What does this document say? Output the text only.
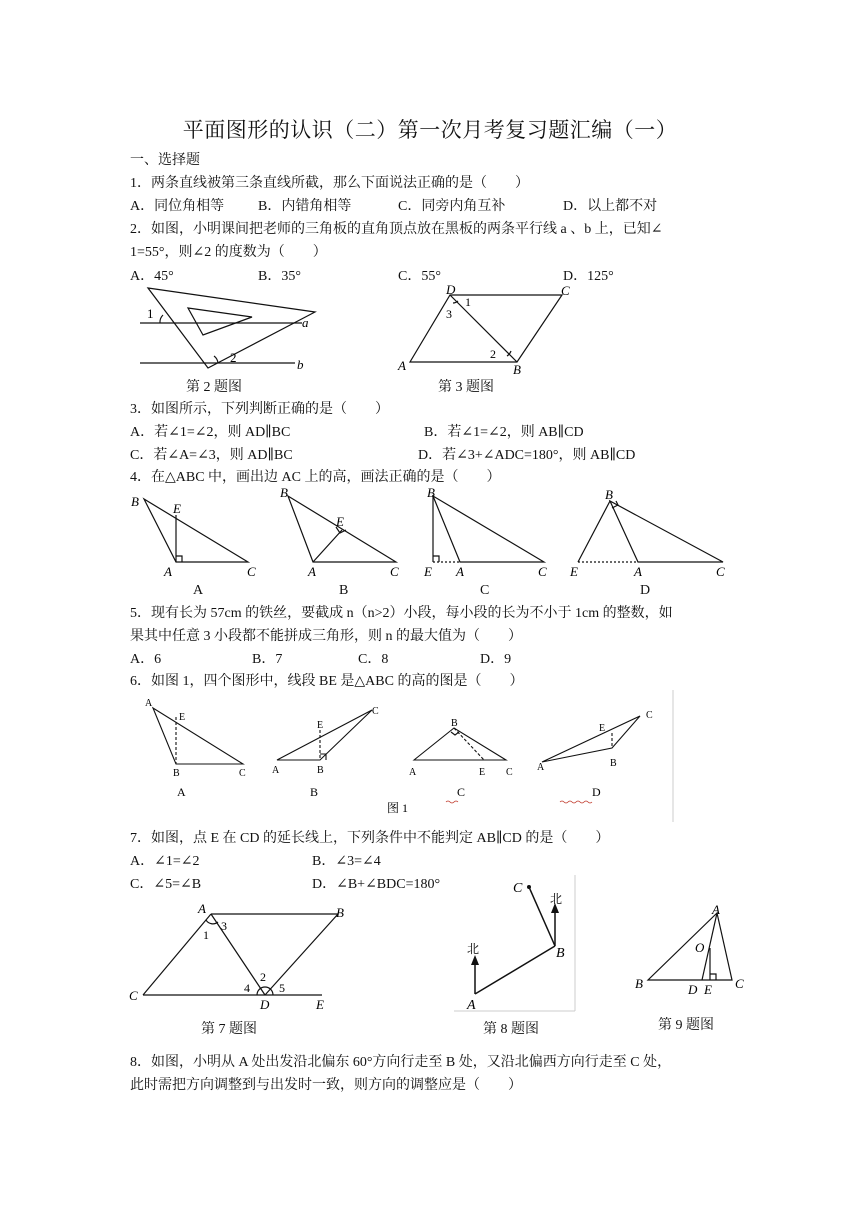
平面图形的认识（二）第一次月考复习题汇编（一）
一、选择题
1．两条直线被第三条直线所截，那么下面说法正确的是（　　）
A．同位角相等 B．内错角相等	C．同旁内角互补	D．以上都不对
2．如图，小明课间把老师的三角板的直角顶点放在黑板的两条平行线 a 、b 上，已知∠
1=55°，则∠2 的度数为（　　）
A．45°	B．35°	C．55°	D．125°
1
2
a
b
第 2 题图
D	C
A	B
1
2
3
第 3 题图
3．如图所示，下列判断正确的是（　　）
A．若∠1=∠2，则 AD∥BC	B．若∠1=∠2，则 AB∥CD
C．若∠A=∠3，则 AD∥BC	D．若∠3+∠ADC=180°，则 AB∥CD
4．在△ABC 中，画出边 AC 上的高，画法正确的是（　　）
B	E
A	C
B
E
A	C
B
E A	C
B
E	A	C
A	B	C	D
5．现有长为 57cm 的铁丝，要截成 n（n>2）小段，每小段的长为不小于 1cm 的整数，如
果其中任意 3 小段都不能拼成三角形，则 n 的最大值为（　　）
A．6	B．7	C．8	D．9
6．如图 1，四个图形中，线段 BE 是△ABC 的高的图是（　　）
A
E
B	C	A
E
B
C
B
A	E C A
E
B
C
A	B	C	D
图 1
7．如图，点 E 在 CD 的延长线上，下列条件中不能判定 AB∥CD 的是（　　）
A．∠1=∠2	B．∠3=∠4
C．∠5=∠B	D．∠B+∠BDC=180°
A	B
C
D	E
1
2
3
4 5
第 7 题图
C
北
北	B
A
第 8 题图
A
O
B	D E C
第 9 题图
8．如图，小明从 A 处出发沿北偏东 60°方向行走至 B 处，又沿北偏西方向行走至 C 处，
此时需把方向调整到与出发时一致，则方向的调整应是（　　）
